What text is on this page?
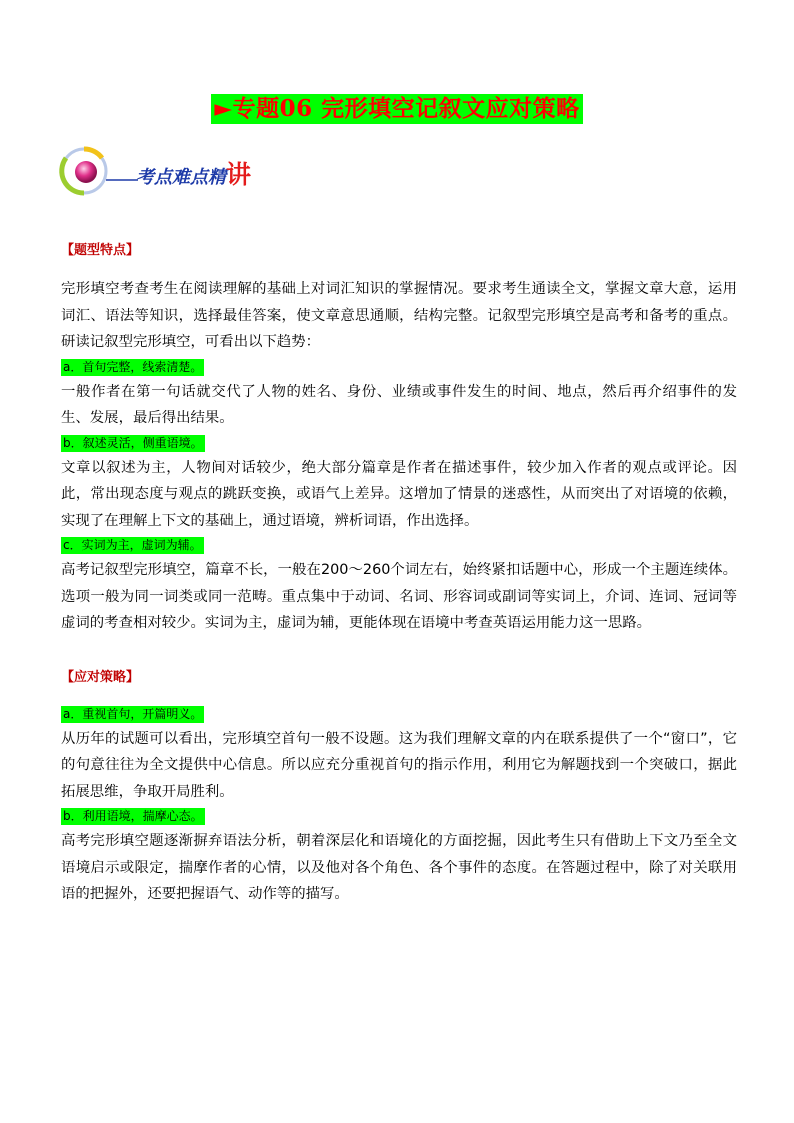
►专题06 完形填空记叙文应对策略
考点难点精讲

【题型特点】

完形填空考查考生在阅读理解的基础上对词汇知识的掌握情况。要求考生通读全文，掌握文章大意，运用词汇、语法等知识，选择最佳答案，使文章意思通顺，结构完整。记叙型完形填空是高考和备考的重点。研读记叙型完形填空，可看出以下趋势：

a．首句完整，线索清楚。

一般作者在第一句话就交代了人物的姓名、身份、业绩或事件发生的时间、地点，然后再介绍事件的发生、发展，最后得出结果。

b．叙述灵活，侧重语境。

文章以叙述为主，人物间对话较少，绝大部分篇章是作者在描述事件，较少加入作者的观点或评论。因此，常出现态度与观点的跳跃变换，或语气上差异。这增加了情景的迷惑性，从而突出了对语境的依赖，实现了在理解上下文的基础上，通过语境，辨析词语，作出选择。

c．实词为主，虚词为辅。

高考记叙型完形填空，篇章不长，一般在200～260个词左右，始终紧扣话题中心，形成一个主题连续体。选项一般为同一词类或同一范畴。重点集中于动词、名词、形容词或副词等实词上，介词、连词、冠词等虚词的考查相对较少。实词为主，虚词为辅，更能体现在语境中考查英语运用能力这一思路。

【应对策略】

a．重视首句，开篇明义。

从历年的试题可以看出，完形填空首句一般不设题。这为我们理解文章的内在联系提供了一个“窗口”，它的句意往往为全文提供中心信息。所以应充分重视首句的指示作用，利用它为解题找到一个突破口，据此拓展思维，争取开局胜利。

b．利用语境，揣摩心态。

高考完形填空题逐渐摒弃语法分析，朝着深层化和语境化的方面挖掘，因此考生只有借助上下文乃至全文语境启示或限定，揣摩作者的心情，以及他对各个角色、各个事件的态度。在答题过程中，除了对关联用语的把握外，还要把握语气、动作等的描写。
